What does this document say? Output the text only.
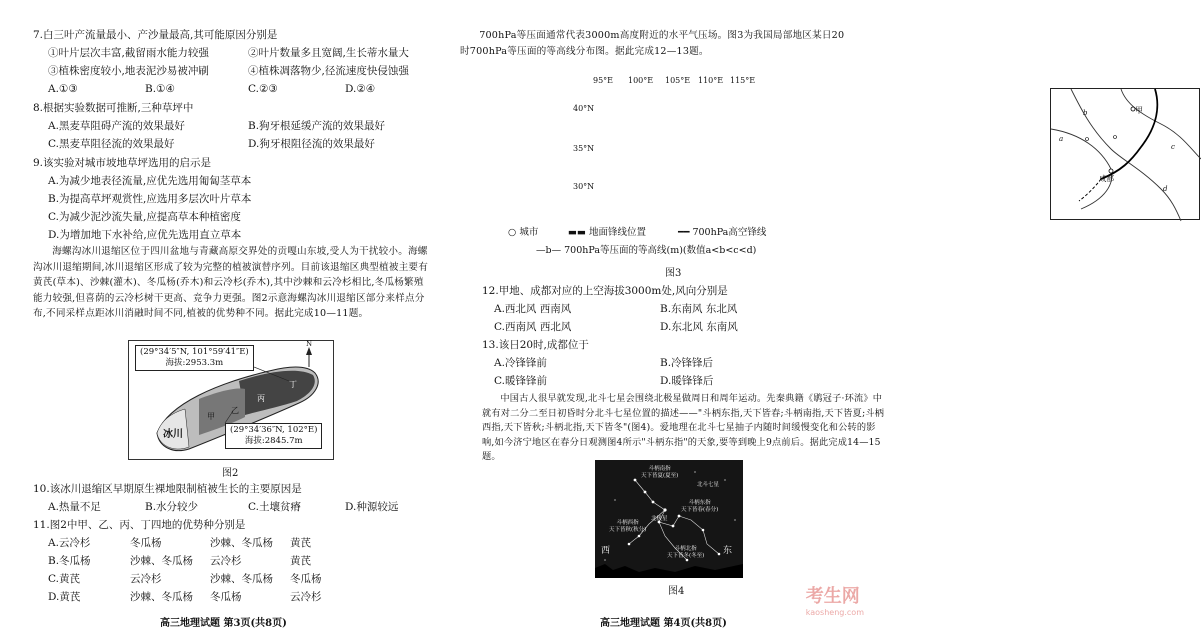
7.白三叶产流量最小、产沙量最高,其可能原因分别是
①叶片层次丰富,截留雨水能力较强	②叶片数量多且宽阔,生长蒂水量大
③植株密度较小,地表泥沙易被冲刷	④植株凋落物少,径流速度快侵蚀强
A.①③	B.①④	C.②③	D.②④
8.根据实验数据可推断,三种草坪中
A.黑麦草阻碍产流的效果最好	B.狗牙根延缓产流的效果最好
C.黑麦草阻径流的效果最好	D.狗牙根阻径流的效果最好
9.该实验对城市坡地草坪选用的启示是
A.为减少地表径流量,应优先选用匍匐茎草本
B.为提高草坪观赏性,应选用多层次叶片草本
C.为减少泥沙流失量,应提高草本种植密度
D.为增加地下水补给,应优先选用直立草本
海螺沟冰川退缩区位于四川盆地与青藏高原交界处的贡嘎山东坡,受人为干扰较小。海螺沟冰川退缩期间,冰川退缩区形成了较为完整的植被演替序列。目前该退缩区典型植被主要有黄芪(草本)、沙棘(灌木)、冬瓜杨(乔木)和云冷杉(乔木),其中沙棘和云冷杉相比,冬瓜杨繁殖能力较强,但喜荫的云冷杉树干更高、竞争力更强。图2示意海螺沟冰川退缩区部分来样点分布,不同采样点距冰川消融时间不同,植被的优势种不同。据此完成10—11题。
(29°34′5″N, 101°59′41″E)
海拔:2953.3m
(29°34′36″N, 102°E)
海拔:2845.7m
冰川
甲
乙
丙
丁
N
图2
10.该冰川退缩区早期原生裸地限制植被生长的主要原因是
A.热量不足	B.水分较少	C.土壤贫瘠	D.种源较远
11.图2中甲、乙、丙、丁四地的优势种分别是
高三地理试题 第3页(共8页)
A.云冷杉	冬瓜杨	沙棘、冬瓜杨 黄芪
B.冬瓜杨	沙棘、冬瓜杨 云冷杉	黄芪
C.黄芪	云冷杉	沙棘、冬瓜杨 冬瓜杨
D.黄芪	沙棘、冬瓜杨 冬瓜杨	云冷杉
700hPa等压面通常代表3000m高度附近的水平气压场。图3为我国局部地区某日20
时700hPa等压面的等高线分布图。据此完成12—13题。
甲
成都
a
b
c
d
95°E 100°E 105°E 110°E 115°E
40°N
35°N
30°N
○ 城市	▬▬ 地面锋线位置	━━ 700hPa高空锋线
—b— 700hPa等压面的等高线(m)(数值a<b<c<d)
图3
12.甲地、成都对应的上空海拔3000m处,风向分别是
A.西北风 西南风	B.东南风 东北风
C.西南风 西北风	D.东北风 东南风
13.该日20时,成都位于
A.冷锋锋前	B.冷锋锋后
C.暖锋锋前	D.暖锋锋后
中国古人很早就发现,北斗七星会围绕北极星做周日和周年运动。先秦典籍《鹖冠子·环流》中就有对二分二至日初昏时分北斗七星位置的描述——"斗柄东指,天下皆春;斗柄南指,天下皆夏;斗柄西指,天下皆秋;斗柄北指,天下皆冬"(图4)。爱地理在北斗七星抽子内随时间缓慢变化和公转的影响,如今济宁地区在春分日观测图4所示"斗柄东指"的天象,要等到晚上9点前后。据此完成14—15题。
图4
高三地理试题 第4页(共8页)
斗柄南指
天下皆夏(夏至)
北斗七星
斗柄东指
天下皆春(春分)
北极星
斗柄西指
天下皆秋(秋分)
斗柄北指
天下皆冬(冬至)
西	东
考生网
kaosheng.com
